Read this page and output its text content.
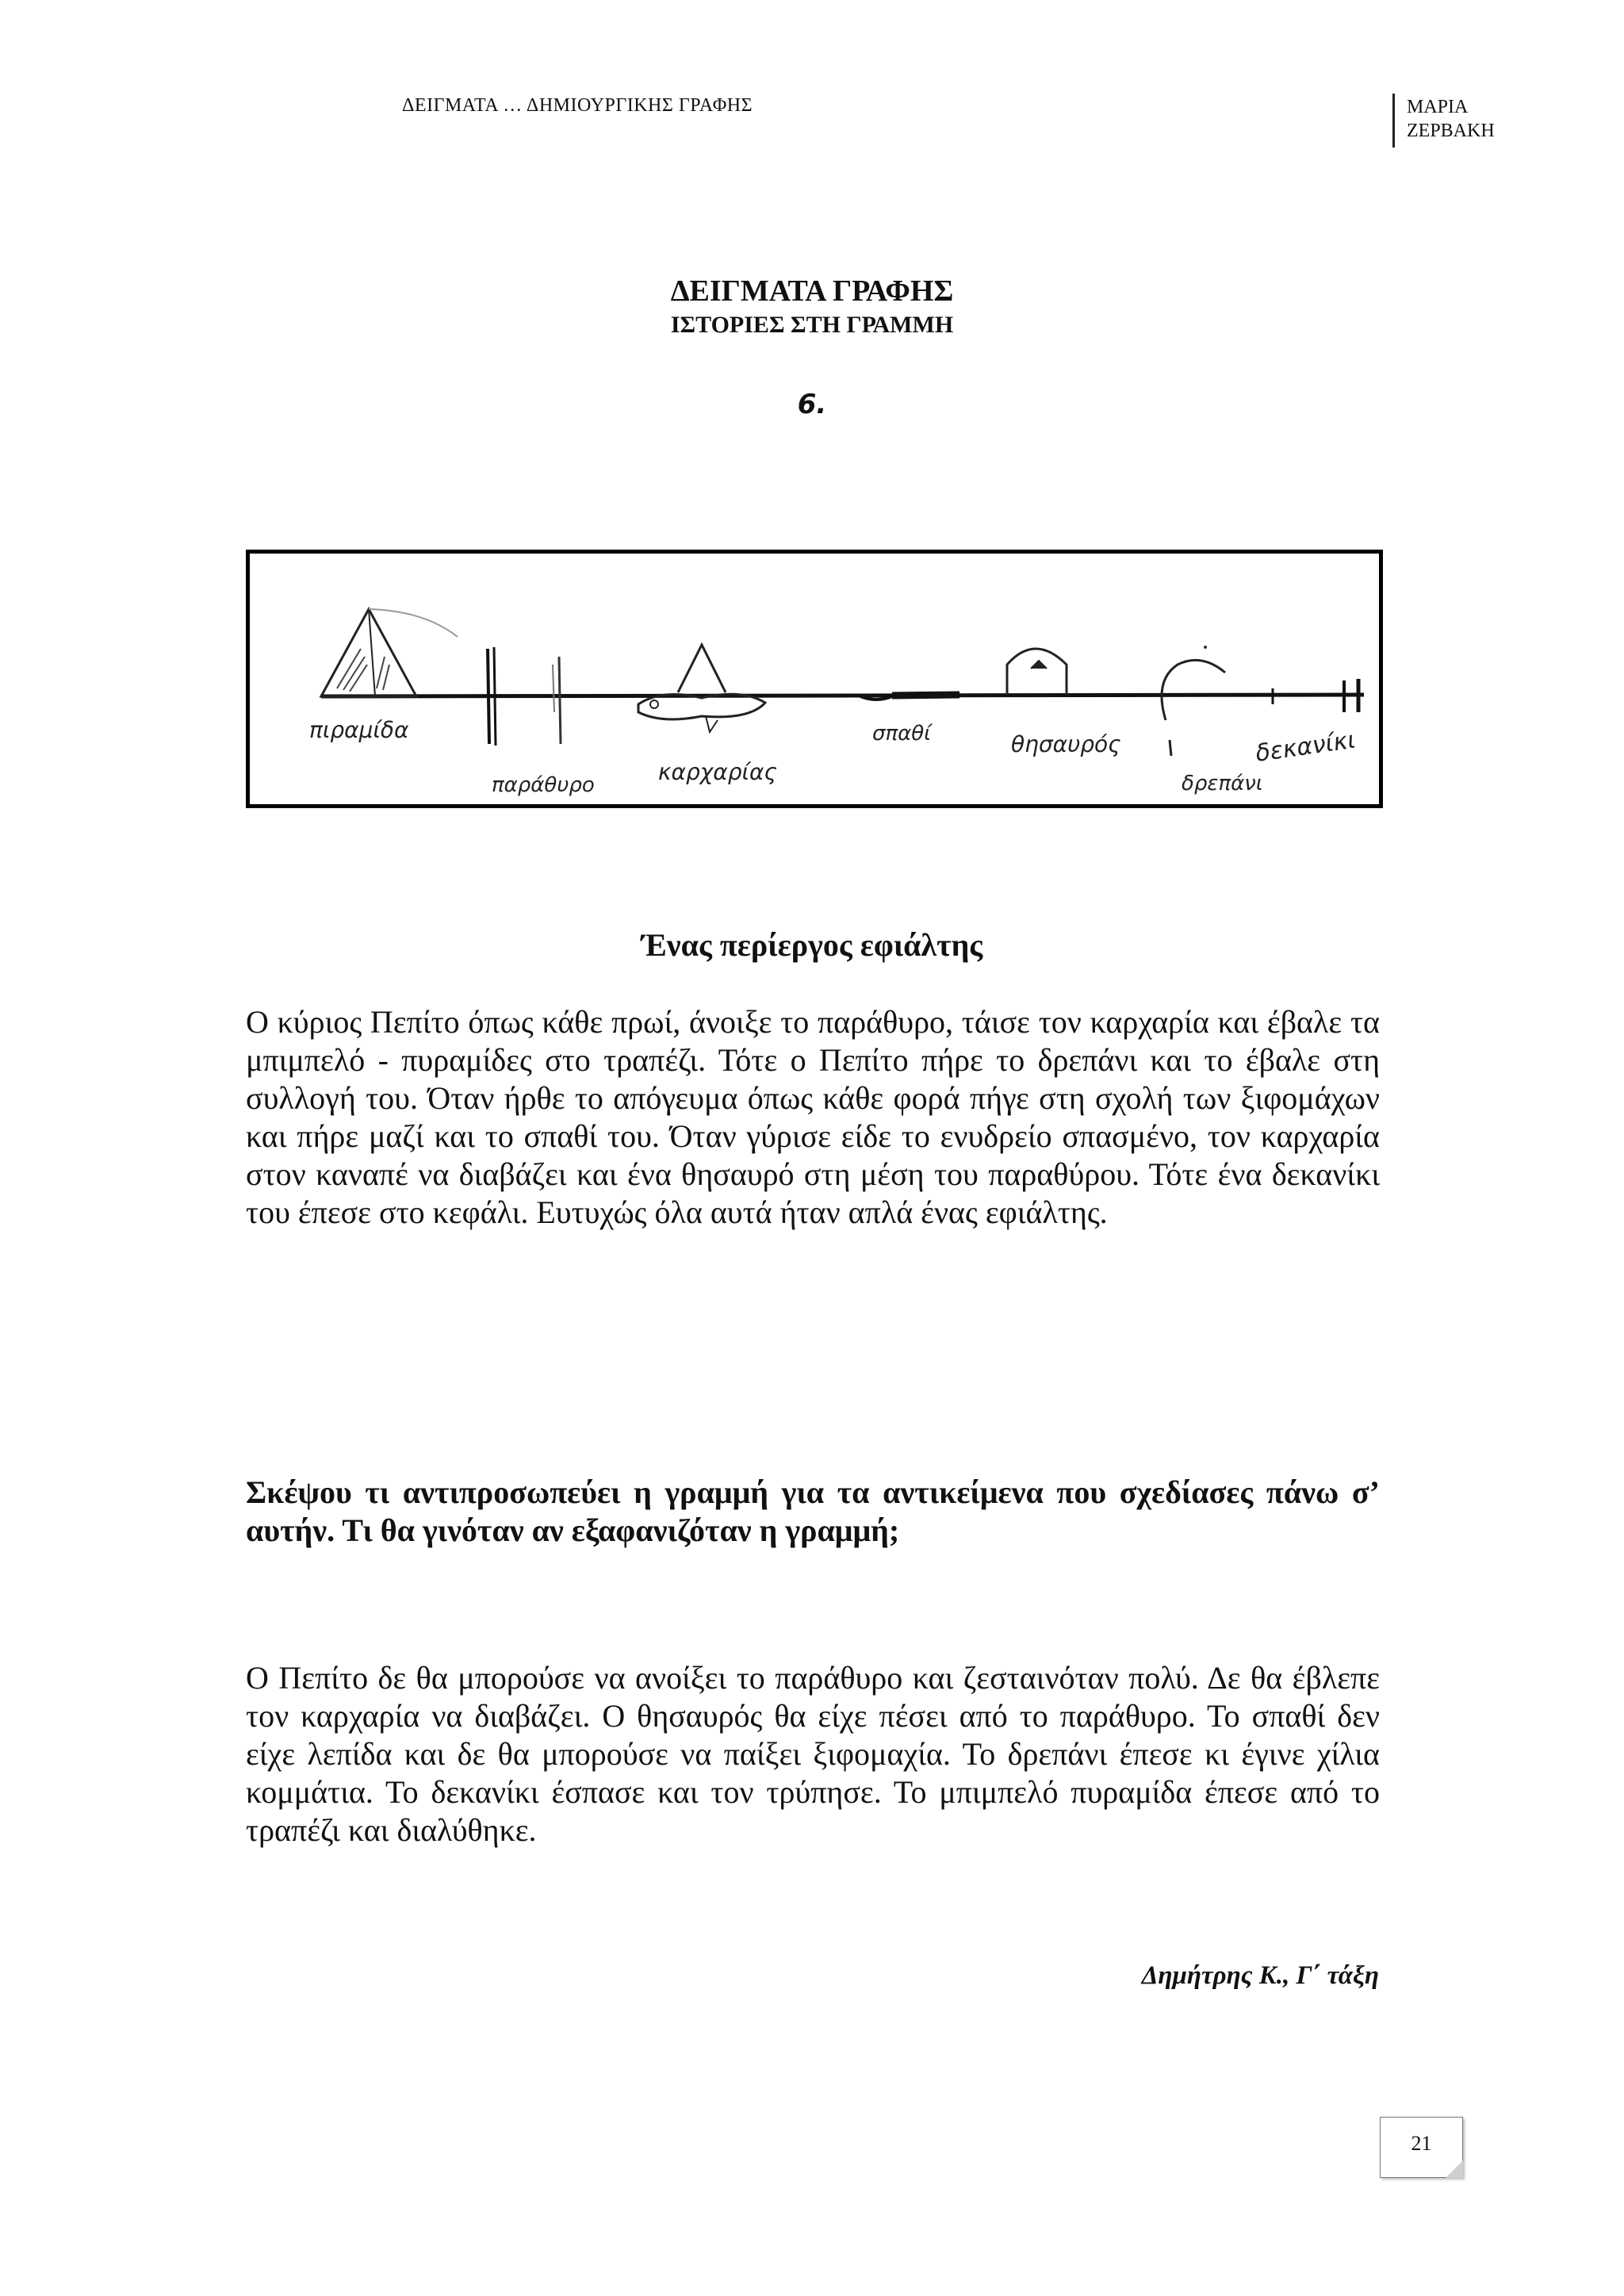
ΔΕΙΓΜΑΤΑ … ΔΗΜΙΟΥΡΓΙΚΗΣ ΓΡΑΦΗΣ	ΜΑΡΙΑ
ΖΕΡΒΑΚΗ
ΔΕΙΓΜΑΤΑ ΓΡΑΦΗΣ
ΙΣΤΟΡΙΕΣ ΣΤΗ ΓΡΑΜΜΗ
6.
πιραμίδα
παράθυρο	καρχαρίας
σπαθί	θησαυρός	δεκανίκι
δρεπάνι
Ένας περίεργος εφιάλτης

Ο κύριος Πεπίτο όπως κάθε πρωί, άνοιξε το παράθυρο, τάισε τον καρχαρία και έβαλε τα μπιμπελό - πυραμίδες στο τραπέζι. Τότε ο Πεπίτο πήρε το δρεπάνι και το έβαλε στη συλλογή του. Όταν ήρθε το απόγευμα όπως κάθε φορά πήγε στη σχολή των ξιφομάχων και πήρε μαζί και το σπαθί του. Όταν γύρισε είδε το ενυδρείο σπασμένο, τον καρχαρία στον καναπέ να διαβάζει και ένα θησαυρό στη μέση του παραθύρου. Τότε ένα δεκανίκι του έπεσε στο κεφάλι. Ευτυχώς όλα αυτά ήταν απλά ένας εφιάλτης.

Σκέψου τι αντιπροσωπεύει η γραμμή για τα αντικείμενα που σχεδίασες πάνω σ’ αυτήν. Τι θα γινόταν αν εξαφανιζόταν η γραμμή;

Ο Πεπίτο δε θα μπορούσε να ανοίξει το παράθυρο και ζεσταινόταν πολύ. Δε θα έβλεπε τον καρχαρία να διαβάζει. Ο θησαυρός θα είχε πέσει από το παράθυρο. Το σπαθί δεν είχε λεπίδα και δε θα μπορούσε να παίξει ξιφομαχία. Το δρεπάνι έπεσε κι έγινε χίλια κομμάτια. Το δεκανίκι έσπασε και τον τρύπησε. Το μπιμπελό πυραμίδα έπεσε από το τραπέζι και διαλύθηκε.

Δημήτρης Κ., Γ΄ τάξη
21
